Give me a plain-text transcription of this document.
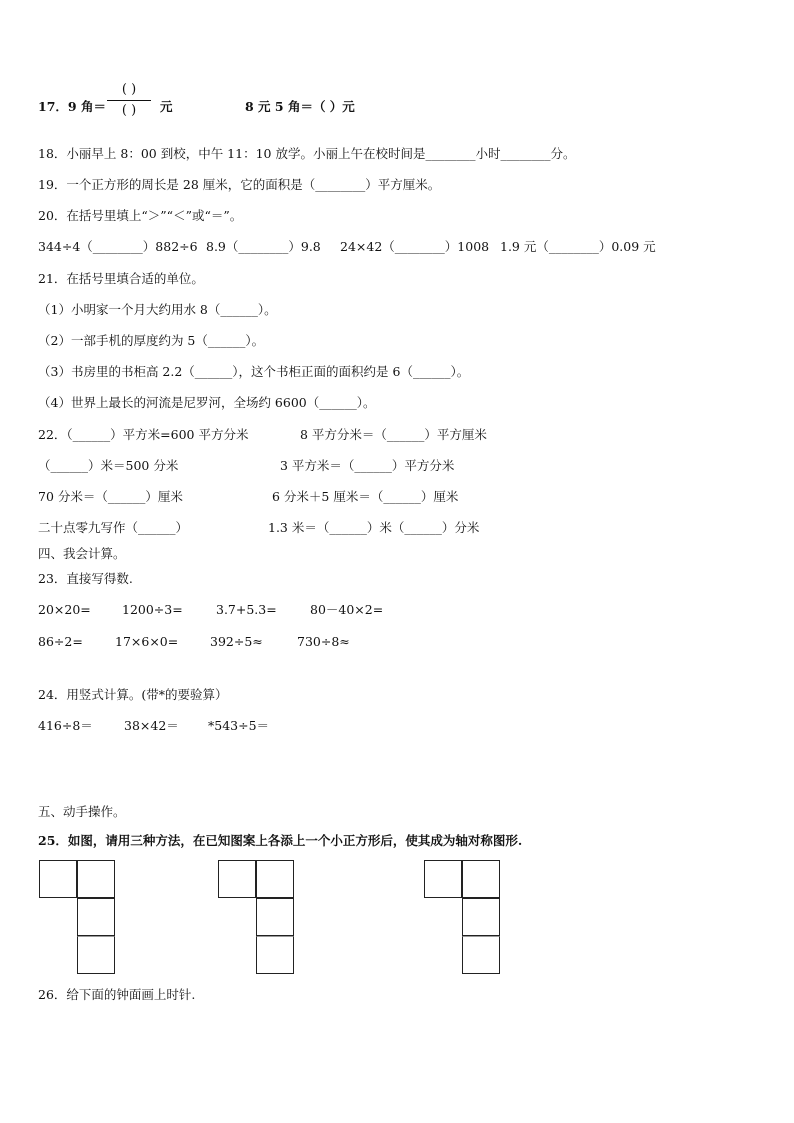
17．9 角＝
( )
( ) 元	8 元 5 角＝（ ）元
18．小丽早上 8：00 到校，中午 11：10 放学。小丽上午在校时间是________小时________分。
19．一个正方形的周长是 28 厘米，它的面积是（________）平方厘米。
20．在括号里填上“＞”“＜”或“＝”。
344÷4（________）882÷6 8.9（________）9.8 24×42（________）1008 1.9 元（________）0.09 元
21．在括号里填合适的单位。
（1）小明家一个月大约用水 8（______）。
（2）一部手机的厚度约为 5（______）。
（3）书房里的书柜高 2.2（______），这个书柜正面的面积约是 6（______）。
（4）世界上最长的河流是尼罗河，全场约 6600（______）。
22．（______）平方米=600 平方分米	8 平方分米＝（______）平方厘米
（______）米＝500 分米	3 平方米＝（______）平方分米
70 分米＝（______）厘米	6 分米＋5 厘米＝（______）厘米
二十点零九写作（______）	1.3 米＝（______）米（______）分米
四、我会计算。
23．直接写得数.
20×20= 1200÷3=	3.7+5.3=	80－40×2=
86÷2=	17×6×0=	392÷5≈	730÷8≈
24．用竖式计算。(带*的要验算）
416÷8＝ 38×42＝ *543÷5＝
五、动手操作。
25．如图，请用三种方法，在已知图案上各添上一个小正方形后，使其成为轴对称图形.
26．给下面的钟面画上时针.
